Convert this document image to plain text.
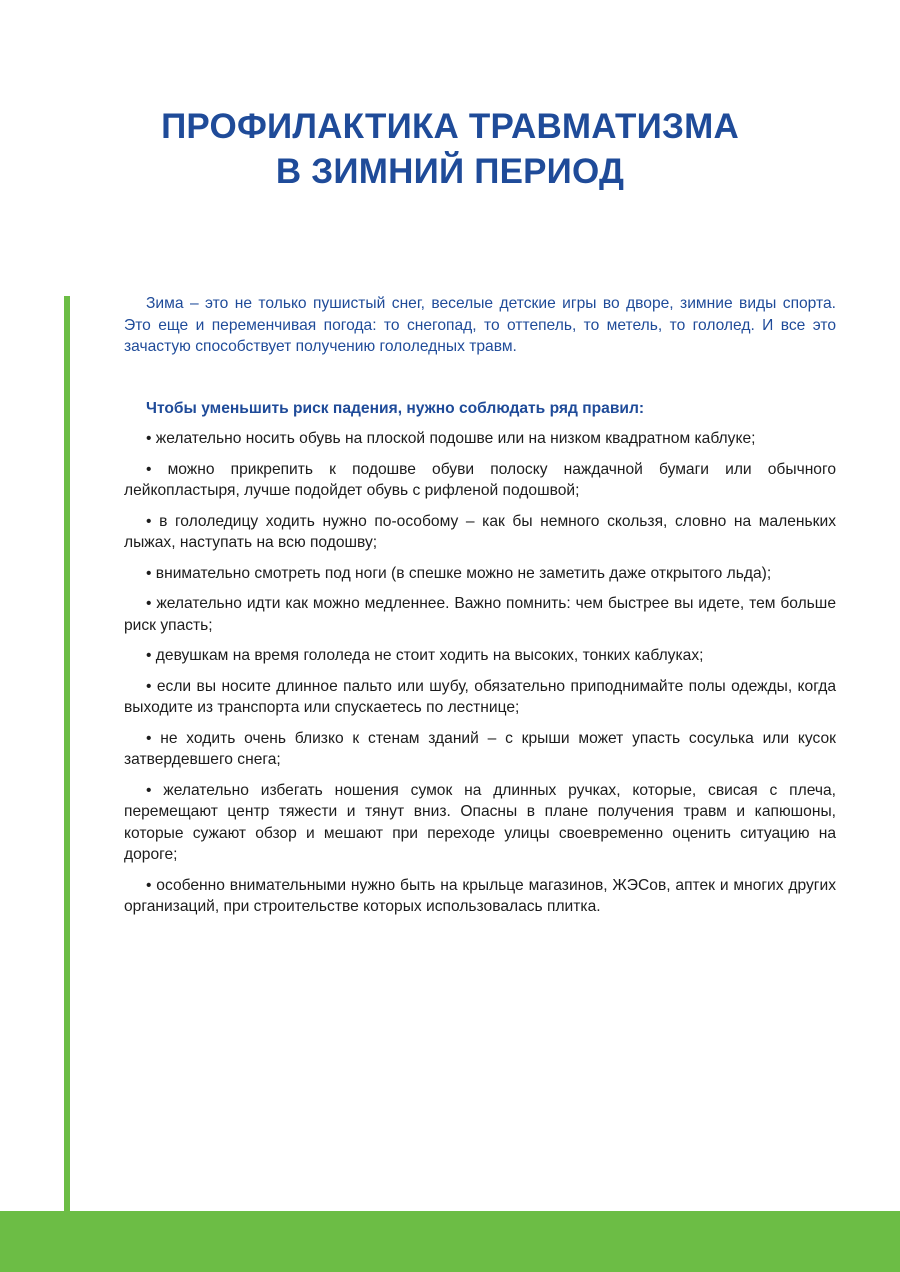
ПРОФИЛАКТИКА ТРАВМАТИЗМА
В ЗИМНИЙ ПЕРИОД

Зима – это не только пушистый снег, веселые детские игры во дворе, зимние виды спорта. Это еще и переменчивая погода: то снегопад, то оттепель, то метель, то гололед. И все это зачастую способствует получению гололедных травм.

Чтобы уменьшить риск падения, нужно соблюдать ряд правил:

• желательно носить обувь на плоской подошве или на низком квадратном каблуке;
• можно прикрепить к подошве обуви полоску наждачной бумаги или обычного лейкопластыря, лучше подойдет обувь с рифленой подошвой;
• в гололедицу ходить нужно по-особому – как бы немного скользя, словно на маленьких лыжах, наступать на всю подошву;
• внимательно смотреть под ноги (в спешке можно не заметить даже открытого льда);
• желательно идти как можно медленнее. Важно помнить: чем быстрее вы идете, тем больше риск упасть;
• девушкам на время гололеда не стоит ходить на высоких, тонких каблуках;
• если вы носите длинное пальто или шубу, обязательно приподнимайте полы одежды, когда выходите из транспорта или спускаетесь по лестнице;
• не ходить очень близко к стенам зданий – с крыши может упасть сосулька или кусок затвердевшего снега;
• желательно избегать ношения сумок на длинных ручках, которые, свисая с плеча, перемещают центр тяжести и тянут вниз. Опасны в плане получения травм и капюшоны, которые сужают обзор и мешают при переходе улицы своевременно оценить ситуацию на дороге;
• особенно внимательными нужно быть на крыльце магазинов, ЖЭСов, аптек и многих других организаций, при строительстве которых использовалась плитка.
